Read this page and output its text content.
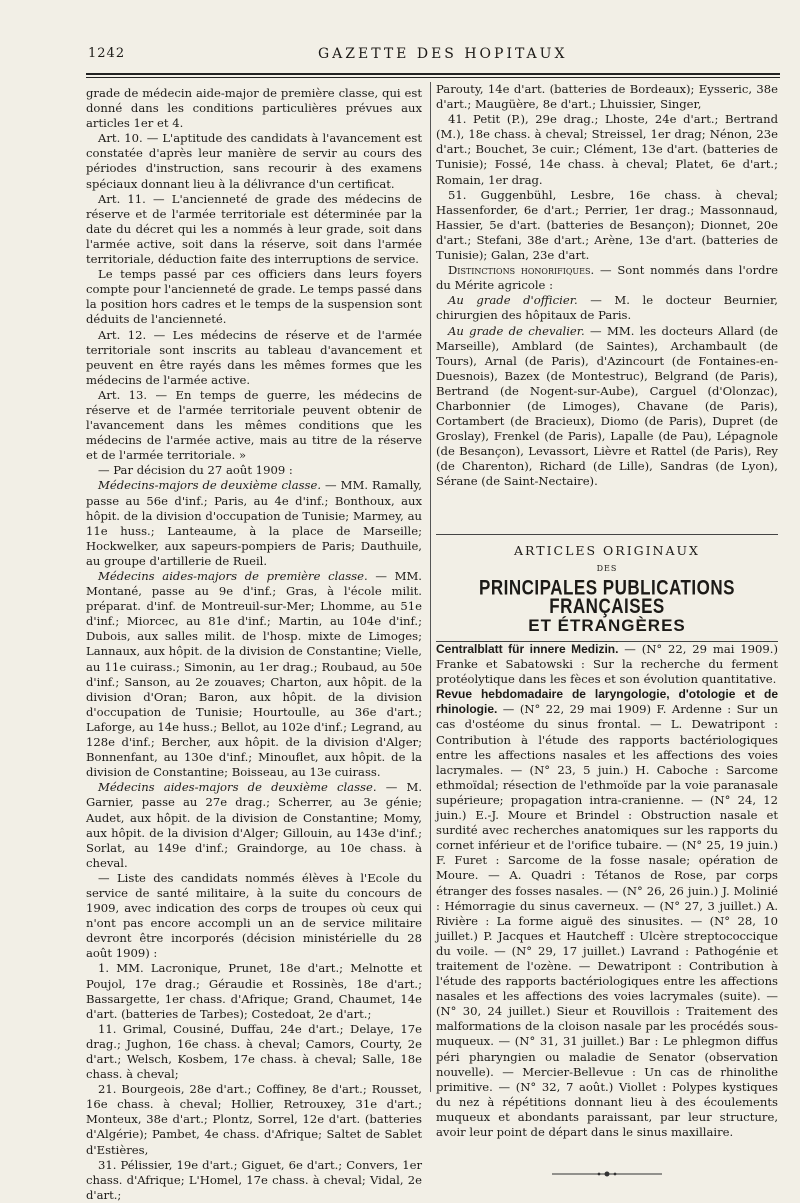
1242	GAZETTE DES HOPITAUX

grade de médecin aide-major de première classe, qui est donné dans les conditions particulières prévues aux articles 1er et 4.

Art. 10. — L'aptitude des candidats à l'avancement est constatée d'après leur manière de servir au cours des périodes d'instruction, sans recourir à des examens spéciaux donnant lieu à la délivrance d'un certificat.

Art. 11. — L'ancienneté de grade des médecins de réserve et de l'armée territoriale est déterminée par la date du décret qui les a nommés à leur grade, soit dans l'armée active, soit dans la réserve, soit dans l'armée territoriale, déduction faite des interruptions de service.

Le temps passé par ces officiers dans leurs foyers compte pour l'ancienneté de grade. Le temps passé dans la position hors cadres et le temps de la suspension sont déduits de l'ancienneté.

Art. 12. — Les médecins de réserve et de l'armée territoriale sont inscrits au tableau d'avancement et peuvent en être rayés dans les mêmes formes que les médecins de l'armée active.

Art. 13. — En temps de guerre, les médecins de réserve et de l'armée territoriale peuvent obtenir de l'avancement dans les mêmes conditions que les médecins de l'armée active, mais au titre de la réserve et de l'armée territoriale. »

— Par décision du 27 août 1909 :

Médecins-majors de deuxième classe. — MM. Ramally, passe au 56e d'inf.; Paris, au 4e d'inf.; Bonthoux, aux hôpit. de la division d'occupation de Tunisie; Marmey, au 11e huss.; Lanteaume, à la place de Marseille; Hockwelker, aux sapeurs-pompiers de Paris; Dauthuile, au groupe d'artillerie de Rueil.

Médecins aides-majors de première classe. — MM. Montané, passe au 9e d'inf.; Gras, à l'école milit. préparat. d'inf. de Montreuil-sur-Mer; Lhomme, au 51e d'inf.; Miorcec, au 81e d'inf.; Martin, au 104e d'inf.; Dubois, aux salles milit. de l'hosp. mixte de Limoges; Lannaux, aux hôpit. de la division de Constantine; Vielle, au 11e cuirass.; Simonin, au 1er drag.; Roubaud, au 50e d'inf.; Sanson, au 2e zouaves; Charton, aux hôpit. de la division d'Oran; Baron, aux hôpit. de la division d'occupation de Tunisie; Hourtoulle, au 36e d'art.; Laforge, au 14e huss.; Bellot, au 102e d'inf.; Legrand, au 128e d'inf.; Bercher, aux hôpit. de la division d'Alger; Bonnenfant, au 130e d'inf.; Minouflet, aux hôpit. de la division de Constantine; Boisseau, au 13e cuirass.

Médecins aides-majors de deuxième classe. — M. Garnier, passe au 27e drag.; Scherrer, au 3e génie; Audet, aux hôpit. de la division de Constantine; Momy, aux hôpit. de la division d'Alger; Gillouin, au 143e d'inf.; Sorlat, au 149e d'inf.; Graindorge, au 10e chass. à cheval.

— Liste des candidats nommés élèves à l'Ecole du service de santé militaire, à la suite du concours de 1909, avec indication des corps de troupes où ceux qui n'ont pas encore accompli un an de service militaire devront être incorporés (décision ministérielle du 28 août 1909) :

1. MM. Lacronique, Prunet, 18e d'art.; Melnotte et Poujol, 17e drag.; Géraudie et Rossinès, 18e d'art.; Bassargette, 1er chass. d'Afrique; Grand, Chaumet, 14e d'art. (batteries de Tarbes); Costedoat, 2e d'art.;

11. Grimal, Cousiné, Duffau, 24e d'art.; Delaye, 17e drag.; Jughon, 16e chass. à cheval; Camors, Courty, 2e d'art.; Welsch, Kosbem, 17e chass. à cheval; Salle, 18e chass. à cheval;

21. Bourgeois, 28e d'art.; Coffiney, 8e d'art.; Rousset, 16e chass. à cheval; Hollier, Retrouxey, 31e d'art.; Monteux, 38e d'art.; Plontz, Sorrel, 12e d'art. (batteries d'Algérie); Pambet, 4e chass. d'Afrique; Saltet de Sablet d'Estières,

31. Pélissier, 19e d'art.; Giguet, 6e d'art.; Convers, 1er chass. d'Afrique; L'Homel, 17e chass. à cheval; Vidal, 2e d'art.;

Parouty, 14e d'art. (batteries de Bordeaux); Eysseric, 38e d'art.; Maugüère, 8e d'art.; Lhuissier, Singer,

41. Petit (P.), 29e drag.; Lhoste, 24e d'art.; Bertrand (M.), 18e chass. à cheval; Streissel, 1er drag; Nénon, 23e d'art.; Bouchet, 3e cuir.; Clément, 13e d'art. (batteries de Tunisie); Fossé, 14e chass. à cheval; Platet, 6e d'art.; Romain, 1er drag.

51. Guggenbühl, Lesbre, 16e chass. à cheval; Hassenforder, 6e d'art.; Perrier, 1er drag.; Massonnaud, Hassier, 5e d'art. (batteries de Besançon); Dionnet, 20e d'art.; Stefani, 38e d'art.; Arène, 13e d'art. (batteries de Tunisie); Galan, 23e d'art.

Distinctions honorifiques. — Sont nommés dans l'ordre du Mérite agricole :

Au grade d'officier. — M. le docteur Beurnier, chirurgien des hôpitaux de Paris.

Au grade de chevalier. — MM. les docteurs Allard (de Marseille), Amblard (de Saintes), Archambault (de Tours), Arnal (de Paris), d'Azincourt (de Fontaines-en-Duesnois), Bazex (de Montestruc), Belgrand (de Paris), Bertrand (de Nogent-sur-Aube), Carguel (d'Olonzac), Charbonnier (de Limoges), Chavane (de Paris), Cortambert (de Bracieux), Diomo (de Paris), Dupret (de Groslay), Frenkel (de Paris), Lapalle (de Pau), Lépagnole (de Besançon), Levassort, Lièvre et Rattel (de Paris), Rey (de Charenton), Richard (de Lille), Sandras (de Lyon), Sérane (de Saint-Nectaire).

ARTICLES ORIGINAUX
DES
PRINCIPALES PUBLICATIONS FRANÇAISES
ET ÉTRANGÈRES

Centralblatt für innere Medizin. — (N° 22, 29 mai 1909.) Franke et Sabatowski : Sur la recherche du ferment protéolytique dans les fèces et son évolution quantitative.

Revue hebdomadaire de laryngologie, d'otologie et de rhinologie. — (N° 22, 29 mai 1909) F. Ardenne : Sur un cas d'ostéome du sinus frontal. — L. Dewatripont : Contribution à l'étude des rapports bactériologiques entre les affections nasales et les affections des voies lacrymales. — (N° 23, 5 juin.) H. Caboche : Sarcome ethmoïdal; résection de l'ethmoïde par la voie paranasale supérieure; propagation intra-cranienne. — (N° 24, 12 juin.) E.-J. Moure et Brindel : Obstruction nasale et surdité avec recherches anatomiques sur les rapports du cornet inférieur et de l'orifice tubaire. — (N° 25, 19 juin.) F. Furet : Sarcome de la fosse nasale; opération de Moure. — A. Quadri : Tétanos de Rose, par corps étranger des fosses nasales. — (N° 26, 26 juin.) J. Molinié : Hémorragie du sinus caverneux. — (N° 27, 3 juillet.) A. Rivière : La forme aiguë des sinusites. — (N° 28, 10 juillet.) P. Jacques et Hautcheff : Ulcère streptococcique du voile. — (N° 29, 17 juillet.) Lavrand : Pathogénie et traitement de l'ozène. — Dewatripont : Contribution à l'étude des rapports bactériologiques entre les affections nasales et les affections des voies lacrymales (suite). — (N° 30, 24 juillet.) Sieur et Rouvillois : Traitement des malformations de la cloison nasale par les procédés sous-muqueux. — (N° 31, 31 juillet.) Bar : Le phlegmon diffus péri pharyngien ou maladie de Senator (observation nouvelle). — Mercier-Bellevue : Un cas de rhinolithe primitive. — (N° 32, 7 août.) Viollet : Polypes kystiques du nez à répétitions donnant lieu à des écoulements muqueux et abondants paraissant, par leur structure, avoir leur point de départ dans le sinus maxillaire.
